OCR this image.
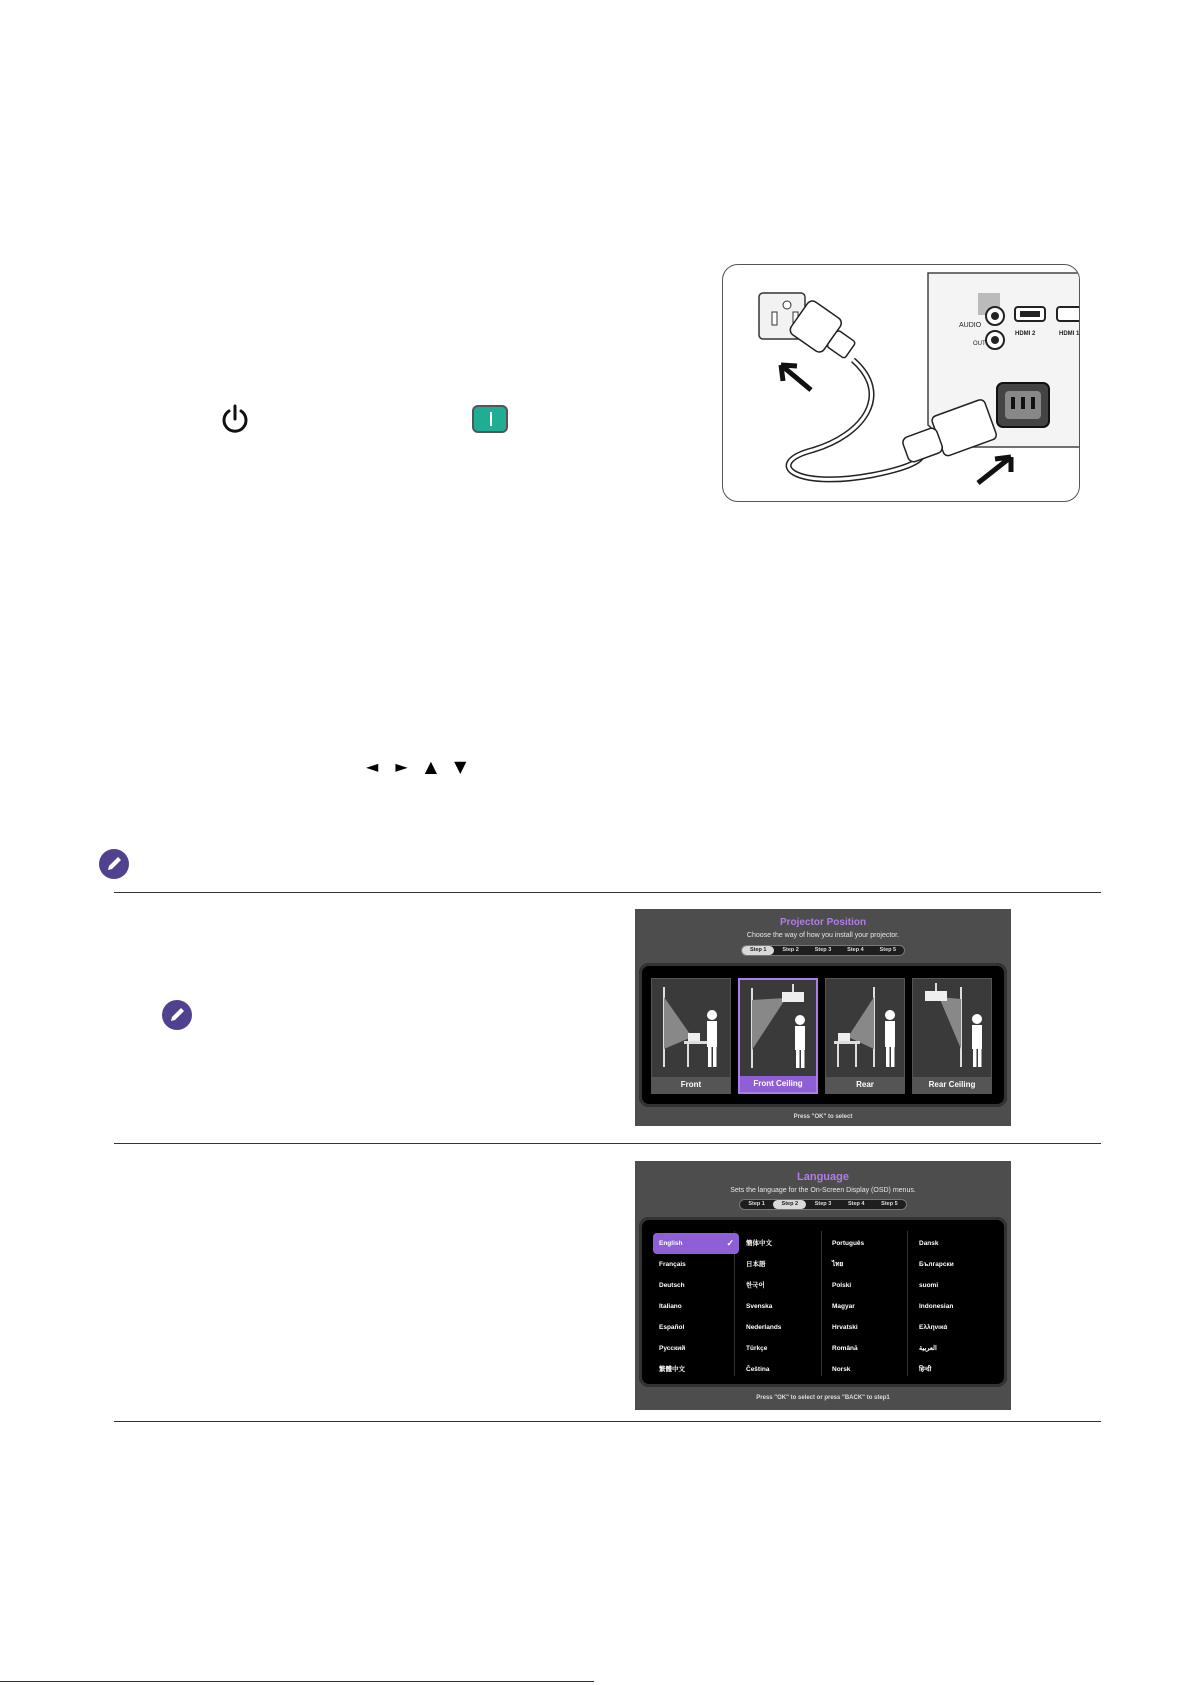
AUDIO
OUT
HDMI 2	HDMI 1
◄ ► ▲ ▼
Projector Position
Choose the way of how you install your projector.
Step 1	Step 2	Step 3	Step 4	Step 5
Front	Front Ceiling	Rear	Rear Ceiling
Press "OK" to select
Language
Sets the language for the On-Screen Display (OSD) menus.
Step 1	Step 2	Step 3	Step 4	Step 5
English ✓
Français
Deutsch
Italiano
Español
Русский
繁體中文
簡体中文
日本語
한국어
Svenska
Nederlands
Türkçe
Čeština
Português
ไทย
Polski
Magyar
Hrvatski
Română
Norsk
Dansk
Български
suomi
Indonesian
Ελληνικά
العربية
हिन्दी
Press "OK" to select or press "BACK" to step1
